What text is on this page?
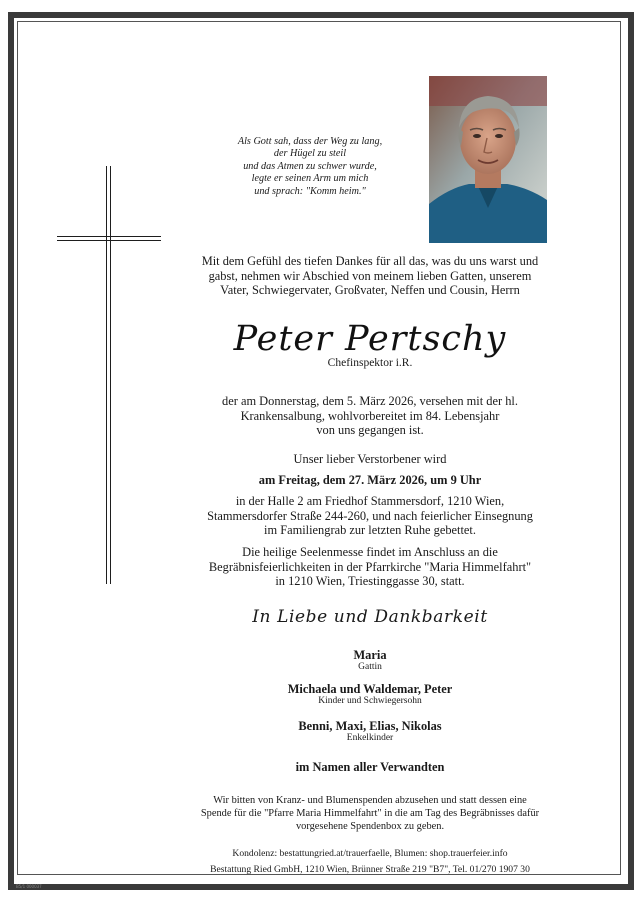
Als Gott sah, dass der Weg zu lang,
der Hügel zu steil
und das Atmen zu schwer wurde,
legte er seinen Arm um mich
und sprach: "Komm heim."
Mit dem Gefühl des tiefen Dankes für all das, was du uns warst und
gabst, nehmen wir Abschied von meinem lieben Gatten, unserem
Vater, Schwiegervater, Großvater, Neffen und Cousin, Herrn
Peter Pertschy
Chefinspektor i.R.
der am Donnerstag, dem 5. März 2026, versehen mit der hl.
Krankensalbung, wohlvorbereitet im 84. Lebensjahr
von uns gegangen ist.
Unser lieber Verstorbener wird
am Freitag, dem 27. März 2026, um 9 Uhr
in der Halle 2 am Friedhof Stammersdorf, 1210 Wien,
Stammersdorfer Straße 244-260, und nach feierlicher Einsegnung
im Familiengrab zur letzten Ruhe gebettet.
Die heilige Seelenmesse findet im Anschluss an die
Begräbnisfeierlichkeiten in der Pfarrkirche "Maria Himmelfahrt"
in 1210 Wien, Triestinggasse 30, statt.
In Liebe und Dankbarkeit
Maria
Gattin
Michaela und Waldemar, Peter
Kinder und Schwiegersohn
Benni, Maxi, Elias, Nikolas
Enkelkinder
im Namen aller Verwandten
Wir bitten von Kranz- und Blumenspenden abzusehen und statt dessen eine
Spende für die "Pfarre Maria Himmelfahrt" in die am Tag des Begräbnisses dafür
vorgesehene Spendenbox zu geben.
Kondolenz: bestattungried.at/trauerfaelle, Blumen: shop.trauerfeier.info
Bestattung Ried GmbH, 1210 Wien, Brünner Straße 219 "B7", Tel. 01/270 1907 30
B5/1 000037
